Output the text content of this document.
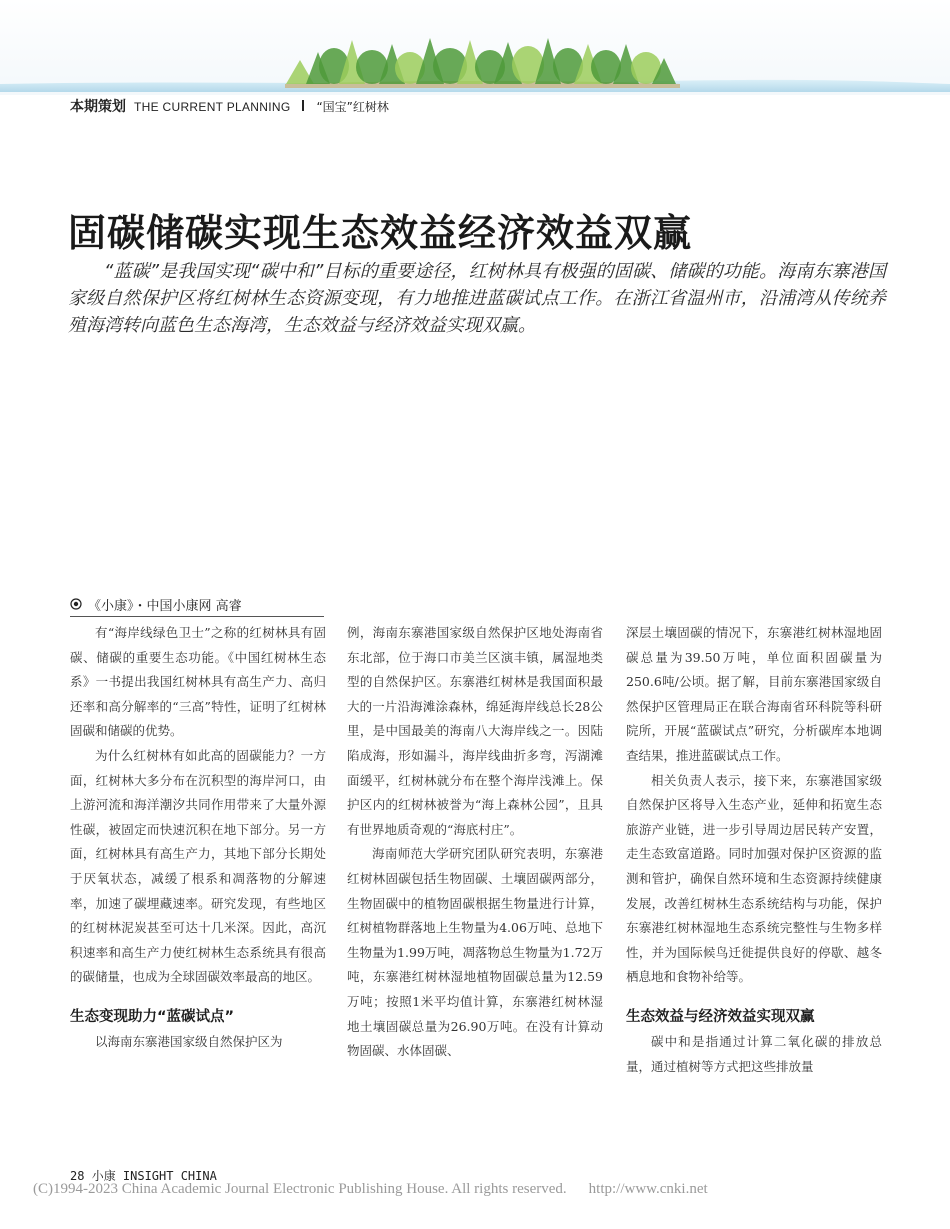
本期策划 THE CURRENT PLANNING “国宝”红树林
固碳储碳实现生态效益经济效益双赢

“蓝碳”是我国实现“碳中和”目标的重要途径，红树林具有极强的固碳、储碳的功能。海南东寨港国家级自然保护区将红树林生态资源变现，有力地推进蓝碳试点工作。在浙江省温州市，沿浦湾从传统养殖海湾转向蓝色生态海湾，生态效益与经济效益实现双赢。

《小康》・中国小康网 高睿

有“海岸线绿色卫士”之称的红树林具有固碳、储碳的重要生态功能。《中国红树林生态系》一书提出我国红树林具有高生产力、高归还率和高分解率的“三高”特性，证明了红树林固碳和储碳的优势。

为什么红树林有如此高的固碳能力？一方面，红树林大多分布在沉积型的海岸河口，由上游河流和海洋潮汐共同作用带来了大量外源性碳，被固定而快速沉积在地下部分。另一方面，红树林具有高生产力，其地下部分长期处于厌氧状态，减缓了根系和凋落物的分解速率，加速了碳埋藏速率。研究发现，有些地区的红树林泥炭甚至可达十几米深。因此，高沉积速率和高生产力使红树林生态系统具有很高的碳储量，也成为全球固碳效率最高的地区。

生态变现助力“蓝碳试点”

以海南东寨港国家级自然保护区为

例，海南东寨港国家级自然保护区地处海南省东北部，位于海口市美兰区演丰镇，属湿地类型的自然保护区。东寨港红树林是我国面积最大的一片沿海滩涂森林，绵延海岸线总长28公里，是中国最美的海南八大海岸线之一。因陆陷成海，形如漏斗，海岸线曲折多弯，泻湖滩面缓平，红树林就分布在整个海岸浅滩上。保护区内的红树林被誉为“海上森林公园”，且具有世界地质奇观的“海底村庄”。

海南师范大学研究团队研究表明，东寨港红树林固碳包括生物固碳、土壤固碳两部分，生物固碳中的植物固碳根据生物量进行计算，红树植物群落地上生物量为4.06万吨、总地下生物量为1.99万吨，凋落物总生物量为1.72万吨，东寨港红树林湿地植物固碳总量为12.59万吨；按照1米平均值计算，东寨港红树林湿地土壤固碳总量为26.90万吨。在没有计算动物固碳、水体固碳、

深层土壤固碳的情况下，东寨港红树林湿地固碳总量为39.50万吨，单位面积固碳量为250.6吨/公顷。据了解，目前东寨港国家级自然保护区管理局正在联合海南省环科院等科研院所，开展“蓝碳试点”研究，分析碳库本地调查结果，推进蓝碳试点工作。

相关负责人表示，接下来，东寨港国家级自然保护区将导入生态产业，延伸和拓宽生态旅游产业链，进一步引导周边居民转产安置，走生态致富道路。同时加强对保护区资源的监测和管护，确保自然环境和生态资源持续健康发展，改善红树林生态系统结构与功能，保护东寨港红树林湿地生态系统完整性与生物多样性，并为国际候鸟迁徙提供良好的停歇、越冬栖息地和食物补给等。

生态效益与经济效益实现双赢

碳中和是指通过计算二氧化碳的排放总量，通过植树等方式把这些排放量

28 小康 INSIGHT CHINA
(C)1994-2023 China Academic Journal Electronic Publishing House. All rights reserved. http://www.cnki.net
